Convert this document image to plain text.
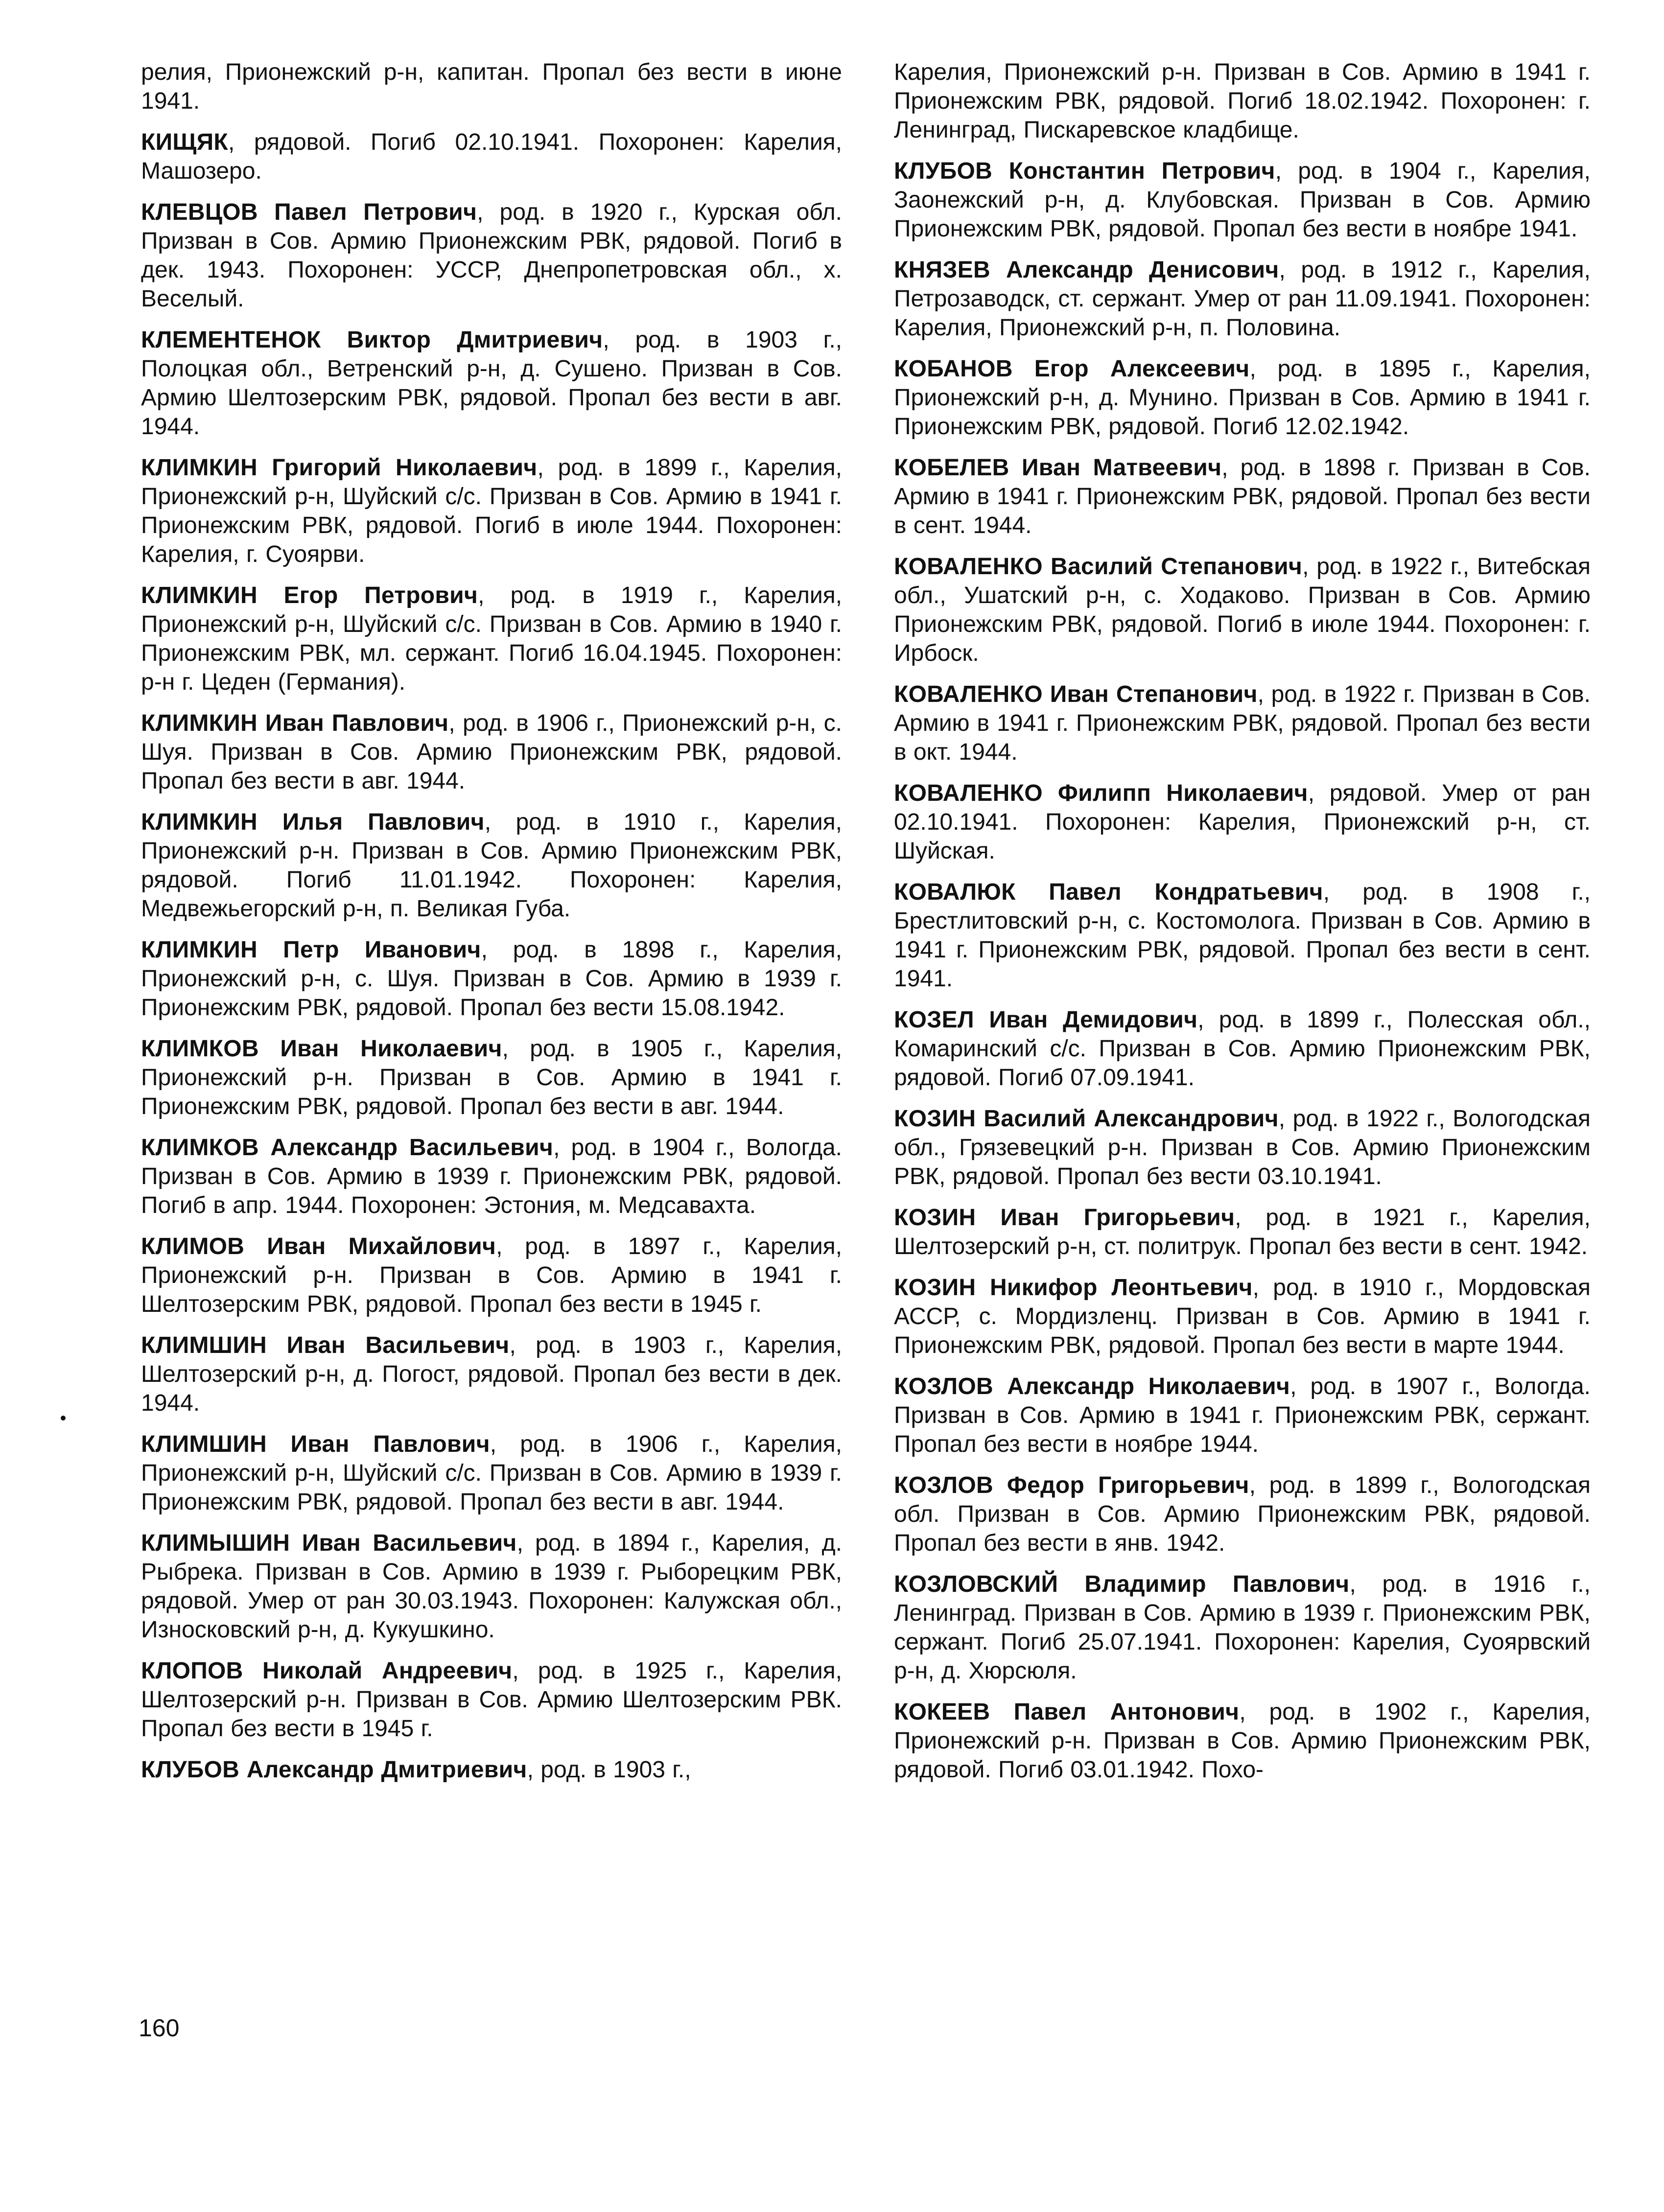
релия, Прионежский р-н, капитан. Пропал без вести в июне 1941.

КИЩЯК, рядовой. Погиб 02.10.1941. Похоронен: Карелия, Машозеро.

КЛЕВЦОВ Павел Петрович, род. в 1920 г., Курская обл. Призван в Сов. Армию Прионежским РВК, рядовой. Погиб в дек. 1943. Похоронен: УССР, Днепропетровская обл., х. Веселый.

КЛЕМЕНТЕНОК Виктор Дмитриевич, род. в 1903 г., Полоцкая обл., Ветренский р-н, д. Сушено. Призван в Сов. Армию Шелтозерским РВК, рядовой. Пропал без вести в авг. 1944.

КЛИМКИН Григорий Николаевич, род. в 1899 г., Карелия, Прионежский р-н, Шуйский с/с. Призван в Сов. Армию в 1941 г. Прионежским РВК, рядовой. Погиб в июле 1944. Похоронен: Карелия, г. Суоярви.

КЛИМКИН Егор Петрович, род. в 1919 г., Карелия, Прионежский р-н, Шуйский с/с. Призван в Сов. Армию в 1940 г. Прионежским РВК, мл. сержант. Погиб 16.04.1945. Похоронен: р-н г. Цеден (Германия).

КЛИМКИН Иван Павлович, род. в 1906 г., Прионежский р-н, с. Шуя. Призван в Сов. Армию Прионежским РВК, рядовой. Пропал без вести в авг. 1944.

КЛИМКИН Илья Павлович, род. в 1910 г., Карелия, Прионежский р-н. Призван в Сов. Армию Прионежским РВК, рядовой. Погиб 11.01.1942. Похоронен: Карелия, Медвежьегорский р-н, п. Великая Губа.

КЛИМКИН Петр Иванович, род. в 1898 г., Карелия, Прионежский р-н, с. Шуя. Призван в Сов. Армию в 1939 г. Прионежским РВК, рядовой. Пропал без вести 15.08.1942.

КЛИМКОВ Иван Николаевич, род. в 1905 г., Карелия, Прионежский р-н. Призван в Сов. Армию в 1941 г. Прионежским РВК, рядовой. Пропал без вести в авг. 1944.

КЛИМКОВ Александр Васильевич, род. в 1904 г., Вологда. Призван в Сов. Армию в 1939 г. Прионежским РВК, рядовой. Погиб в апр. 1944. Похоронен: Эстония, м. Медсавахта.

КЛИМОВ Иван Михайлович, род. в 1897 г., Карелия, Прионежский р-н. Призван в Сов. Армию в 1941 г. Шелтозерским РВК, рядовой. Пропал без вести в 1945 г.

КЛИМШИН Иван Васильевич, род. в 1903 г., Карелия, Шелтозерский р-н, д. Погост, рядовой. Пропал без вести в дек. 1944.

КЛИМШИН Иван Павлович, род. в 1906 г., Карелия, Прионежский р-н, Шуйский с/с. Призван в Сов. Армию в 1939 г. Прионежским РВК, рядовой. Пропал без вести в авг. 1944.

КЛИМЫШИН Иван Васильевич, род. в 1894 г., Карелия, д. Рыбрека. Призван в Сов. Армию в 1939 г. Рыборецким РВК, рядовой. Умер от ран 30.03.1943. Похоронен: Калужская обл., Износковский р-н, д. Кукушкино.

КЛОПОВ Николай Андреевич, род. в 1925 г., Карелия, Шелтозерский р-н. Призван в Сов. Армию Шелтозерским РВК. Пропал без вести в 1945 г.

КЛУБОВ Александр Дмитриевич, род. в 1903 г.,

Карелия, Прионежский р-н. Призван в Сов. Армию в 1941 г. Прионежским РВК, рядовой. Погиб 18.02.1942. Похоронен: г. Ленинград, Пискаревское кладбище.

КЛУБОВ Константин Петрович, род. в 1904 г., Карелия, Заонежский р-н, д. Клубовская. Призван в Сов. Армию Прионежским РВК, рядовой. Пропал без вести в ноябре 1941.

КНЯЗЕВ Александр Денисович, род. в 1912 г., Карелия, Петрозаводск, ст. сержант. Умер от ран 11.09.1941. Похоронен: Карелия, Прионежский р-н, п. Половина.

КОБАНОВ Егор Алексеевич, род. в 1895 г., Карелия, Прионежский р-н, д. Мунино. Призван в Сов. Армию в 1941 г. Прионежским РВК, рядовой. Погиб 12.02.1942.

КОБЕЛЕВ Иван Матвеевич, род. в 1898 г. Призван в Сов. Армию в 1941 г. Прионежским РВК, рядовой. Пропал без вести в сент. 1944.

КОВАЛЕНКО Василий Степанович, род. в 1922 г., Витебская обл., Ушатский р-н, с. Ходаково. Призван в Сов. Армию Прионежским РВК, рядовой. Погиб в июле 1944. Похоронен: г. Ирбоск.

КОВАЛЕНКО Иван Степанович, род. в 1922 г. Призван в Сов. Армию в 1941 г. Прионежским РВК, рядовой. Пропал без вести в окт. 1944.

КОВАЛЕНКО Филипп Николаевич, рядовой. Умер от ран 02.10.1941. Похоронен: Карелия, Прионежский р-н, ст. Шуйская.

КОВАЛЮК Павел Кондратьевич, род. в 1908 г., Брестлитовский р-н, с. Костомолога. Призван в Сов. Армию в 1941 г. Прионежским РВК, рядовой. Пропал без вести в сент. 1941.

КОЗЕЛ Иван Демидович, род. в 1899 г., Полесская обл., Комаринский с/с. Призван в Сов. Армию Прионежским РВК, рядовой. Погиб 07.09.1941.

КОЗИН Василий Александрович, род. в 1922 г., Вологодская обл., Грязевецкий р-н. Призван в Сов. Армию Прионежским РВК, рядовой. Пропал без вести 03.10.1941.

КОЗИН Иван Григорьевич, род. в 1921 г., Карелия, Шелтозерский р-н, ст. политрук. Пропал без вести в сент. 1942.

КОЗИН Никифор Леонтьевич, род. в 1910 г., Мордовская АССР, с. Мордизленц. Призван в Сов. Армию в 1941 г. Прионежским РВК, рядовой. Пропал без вести в марте 1944.

КОЗЛОВ Александр Николаевич, род. в 1907 г., Вологда. Призван в Сов. Армию в 1941 г. Прионежским РВК, сержант. Пропал без вести в ноябре 1944.

КОЗЛОВ Федор Григорьевич, род. в 1899 г., Вологодская обл. Призван в Сов. Армию Прионежским РВК, рядовой. Пропал без вести в янв. 1942.

КОЗЛОВСКИЙ Владимир Павлович, род. в 1916 г., Ленинград. Призван в Сов. Армию в 1939 г. Прионежским РВК, сержант. Погиб 25.07.1941. Похоронен: Карелия, Суоярвский р-н, д. Хюрсюля.

КОКЕЕВ Павел Антонович, род. в 1902 г., Карелия, Прионежский р-н. Призван в Сов. Армию Прионежским РВК, рядовой. Погиб 03.01.1942. Похо-

160
